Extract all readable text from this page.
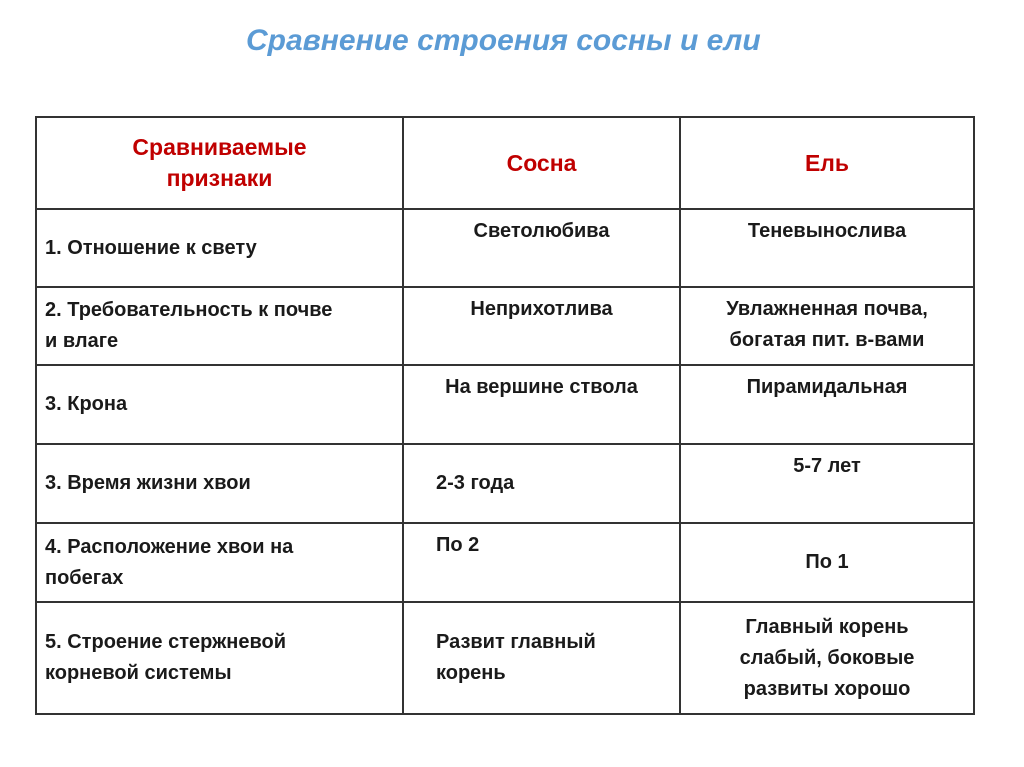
Сравнение строения сосны и ели
Сравниваемые признаки	Сосна	Ель
1. Отношение к свету	Светолюбива	Теневынослива
2. Требовательность к почве и влаге	Неприхотлива	Увлажненная почва, богатая пит. в-вами
3. Крона	На вершине ствола	Пирамидальная
3. Время жизни хвои	2-3 года	5-7 лет
4. Расположение хвои на побегах	По 2	По 1
5. Строение стержневой корневой системы	Развит главный корень	Главный корень слабый, боковые развиты хорошо
